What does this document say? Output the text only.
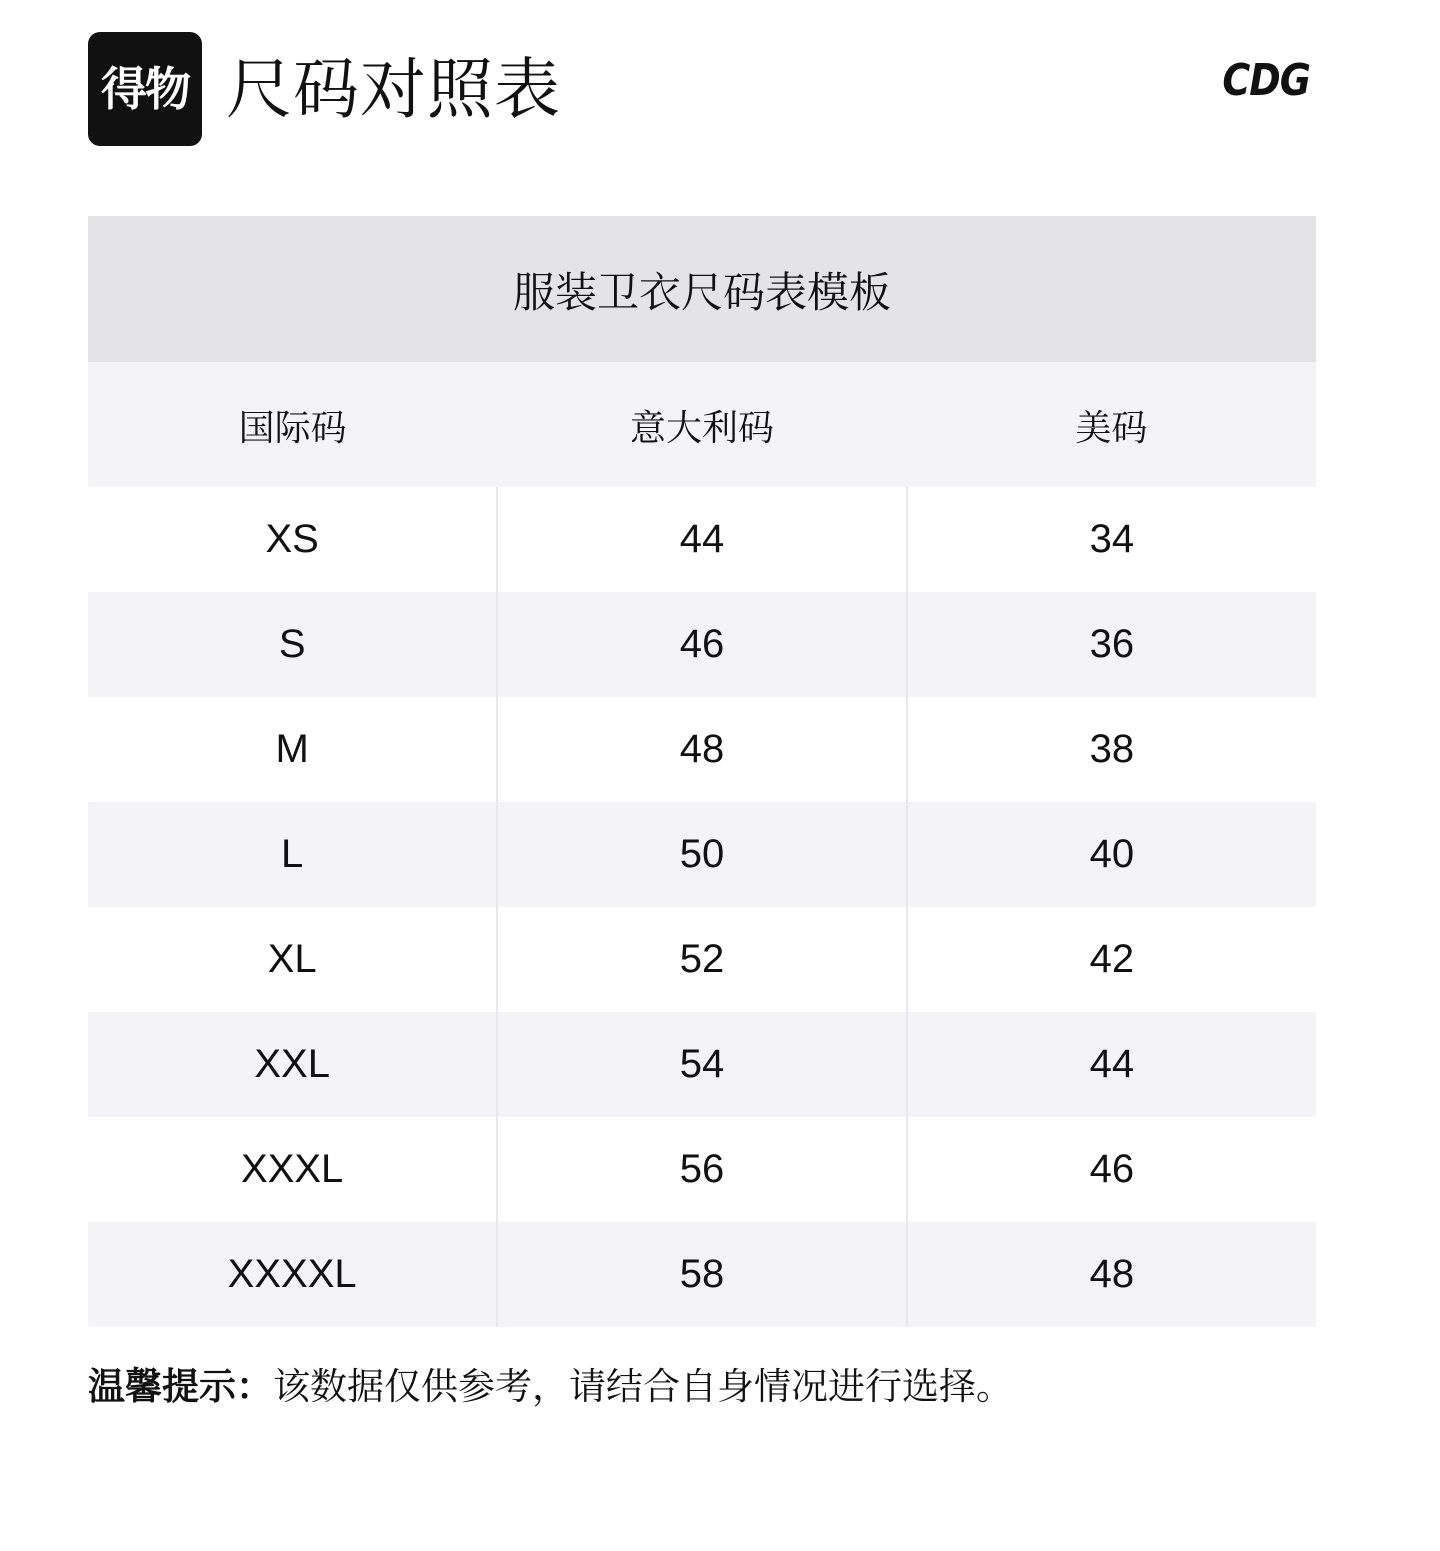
得物 尺码对照表	CDG
服装卫衣尺码表模板
国际码	意大利码	美码
XS	44	34
S	46	36
M	48	38
L	50	40
XL	52	42
XXL	54	44
XXXL	56	46
XXXXL	58	48
温馨提示：该数据仅供参考，请结合自身情况进行选择。
